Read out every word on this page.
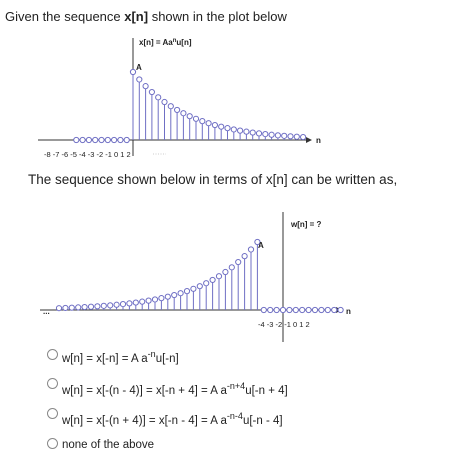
Given the sequence x[n] shown in the plot below
$x[n] = Aa^nu[n]$
A
n
-8 -7 -6 -5 -4 -3 -2 -1 0 1 2
w[n] = ?
A
n
...
-4 -3 -2 -1 0 1 2
The sequence shown below in terms of x[n] can be written as,
w[n] = x[-n] = A $a^{-n}u[-n]$
w[n] = x[-(n - 4)] = x[-n + 4] = A $a^{-n+4}u[-n + 4]$
w[n] = x[-(n + 4)] = x[-n - 4] = A $a^{-n-4}u[-n - 4]$
none of the above
